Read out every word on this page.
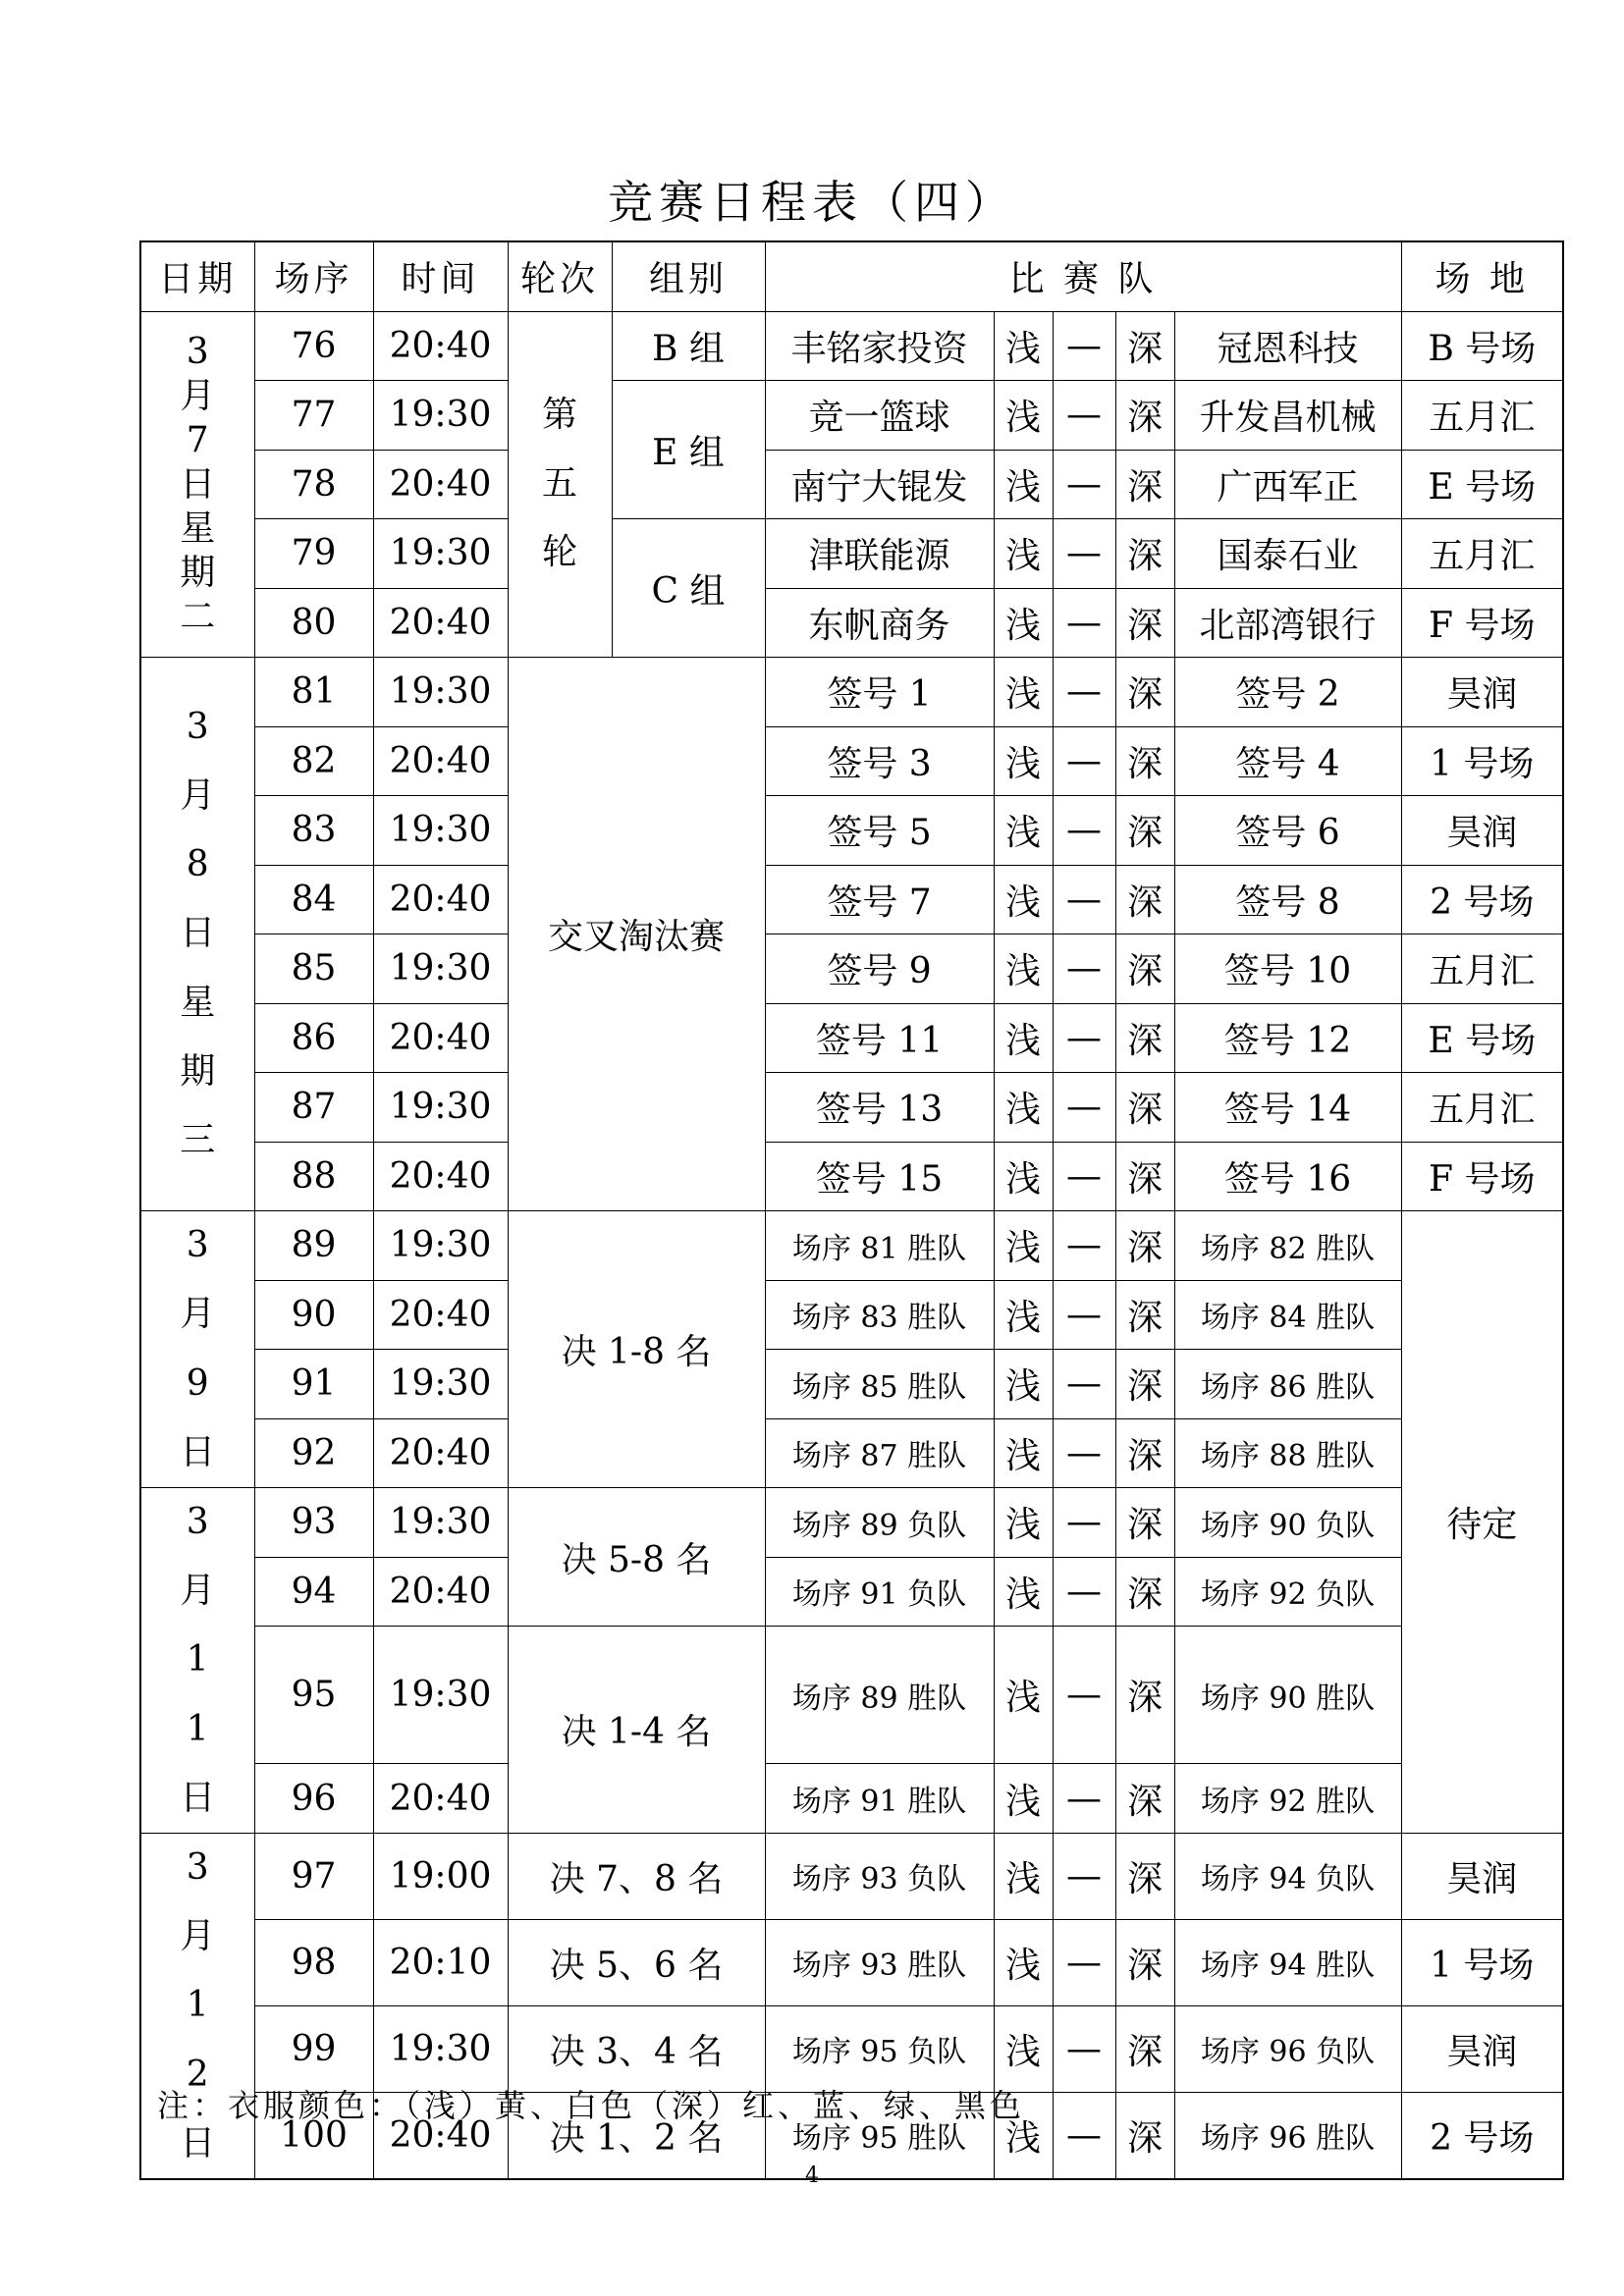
竞赛日程表（四）
日期	场序	时间	轮次	组别	比 赛 队					场 地
3月7日星期二	76	20:40	第五轮	B 组	丰铭家投资	浅	—	深	冠恩科技	B 号场
	77	19:30		E 组	竞一篮球	浅	—	深	升发昌机械	五月汇
	78	20:40			南宁大锟发	浅	—	深	广西军正	E 号场
	79	19:30		C 组	津联能源	浅	—	深	国泰石业	五月汇
	80	20:40			东帆商务	浅	—	深	北部湾银行	F 号场
3月8日星期三	81	19:30	交叉淘汰赛		签号 1	浅	—	深	签号 2	昊润
	82	20:40			签号 3	浅	—	深	签号 4	1 号场
	83	19:30			签号 5	浅	—	深	签号 6	昊润
	84	20:40			签号 7	浅	—	深	签号 8	2 号场
	85	19:30			签号 9	浅	—	深	签号 10	五月汇
	86	20:40			签号 11	浅	—	深	签号 12	E 号场
	87	19:30			签号 13	浅	—	深	签号 14	五月汇
	88	20:40			签号 15	浅	—	深	签号 16	F 号场
3月9日	89	19:30	决 1-8 名		场序 81 胜队	浅	—	深	场序 82 胜队	待定
	90	20:40			场序 83 胜队	浅	—	深	场序 84 胜队	
	91	19:30			场序 85 胜队	浅	—	深	场序 86 胜队	
	92	20:40			场序 87 胜队	浅	—	深	场序 88 胜队	
3月11日	93	19:30	决 5-8 名		场序 89 负队	浅	—	深	场序 90 负队	
	94	20:40			场序 91 负队	浅	—	深	场序 92 负队	
	95	19:30	决 1-4 名		场序 89 胜队	浅	—	深	场序 90 胜队	
	96	20:40			场序 91 胜队	浅	—	深	场序 92 胜队	
3月12日	97	19:00	决 7、8 名		场序 93 负队	浅	—	深	场序 94 负队	昊润
	98	20:10	决 5、6 名		场序 93 胜队	浅	—	深	场序 94 胜队	1 号场
	99	19:30	决 3、4 名		场序 95 负队	浅	—	深	场序 96 负队	昊润
	100	20:40	决 1、2 名		场序 95 胜队	浅	—	深	场序 96 胜队	2 号场
注：衣服颜色：（浅）黄、白色（深）红、蓝、绿、黑色
4
